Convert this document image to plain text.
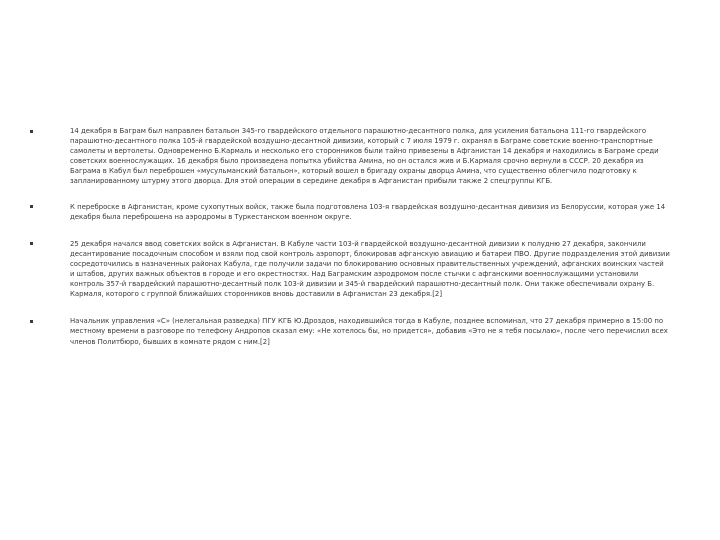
14 декабря в Баграм был направлен батальон 345-го гвардейского отдельного парашютно-десантного полка, для усиления батальона 111-го гвардейского парашютно-десантного полка 105-й гвардейской воздушно-десантной дивизии, который с 7 июля 1979 г. охранял в Баграме советские военно-транспортные самолеты и вертолеты. Одновременно Б.Кармаль и несколько его сторонников были тайно привезены в Афганистан 14 декабря и находились в Баграме среди советских военнослужащих. 16 декабря было произведена попытка убийства Амина, но он остался жив и Б.Кармаля срочно вернули в СССР. 20 декабря из Баграма в Кабул был переброшен «мусульманский батальон», который вошел в бригаду охраны дворца Амина, что существенно облегчило подготовку к запланированному штурму этого дворца. Для этой операции в середине декабря в Афганистан прибыли также 2 спецгруппы КГБ.
К переброске в Афганистан, кроме сухопутных войск, также была подготовлена 103-я гвардейская воздушно-десантная дивизия из Белоруссии, которая уже 14 декабря была переброшена на аэродромы в Туркестанском военном округе.
25 декабря начался ввод советских войск в Афганистан. В Кабуле части 103-й гвардейской воздушно-десантной дивизии к полудню 27 декабря, закончили десантирование посадочным способом и взяли под свой контроль аэропорт, блокировав афганскую авиацию и батареи ПВО. Другие подразделения этой дивизии сосредоточились в назначенных районах Кабула, где получили задачи по блокированию основных правительственных учреждений, афганских воинских частей и штабов, других важных объектов в городе и его окрестностях. Над Баграмским аэродромом после стычки с афганскими военнослужащими установили контроль 357-й гвардейский парашютно-десантный полк 103-й дивизии и 345-й гвардейский парашютно-десантный полк. Они также обеспечивали охрану Б. Кармаля, которого с группой ближайших сторонников вновь доставили в Афганистан 23 декабря.[2]
Начальник управления «С» (нелегальная разведка) ПГУ КГБ Ю.Дроздов, находившийся тогда в Кабуле, позднее вспоминал, что 27 декабря примерно в 15:00 по местному времени в разговоре по телефону Андропов сказал ему: «Не хотелось бы, но придется», добавив «Это не я тебя посылаю», после чего перечислил всех членов Политбюро, бывших в комнате рядом с ним.[2]
